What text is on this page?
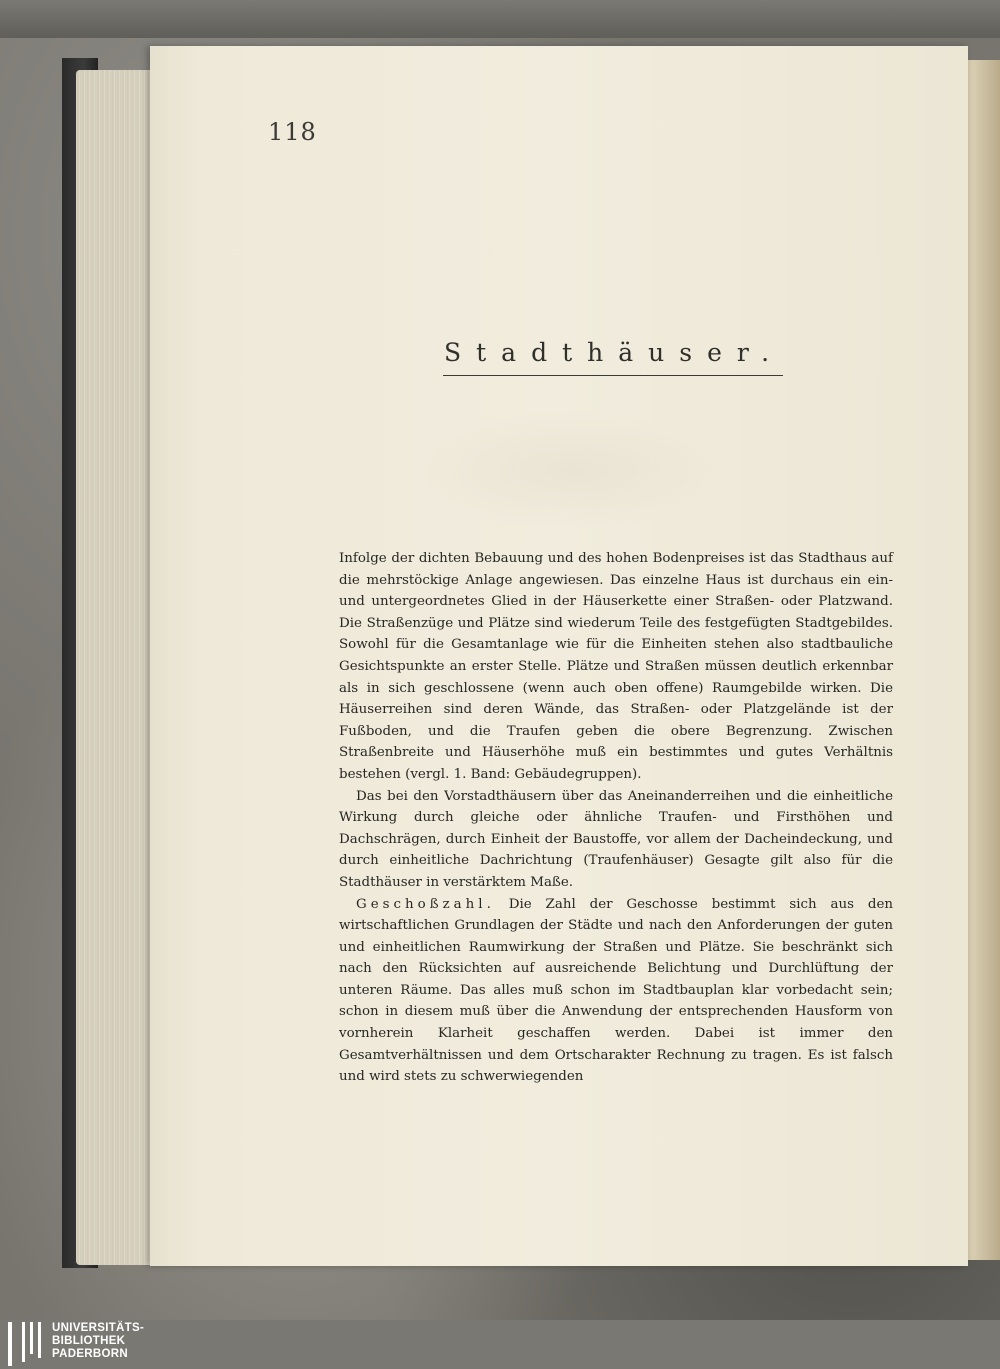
118
Stadthäuser.

Infolge der dichten Bebauung und des hohen Bodenpreises ist das Stadthaus auf die mehrstöckige Anlage angewiesen. Das einzelne Haus ist durchaus ein ein- und untergeordnetes Glied in der Häuserkette einer Straßen- oder Platzwand. Die Straßenzüge und Plätze sind wiederum Teile des festgefügten Stadtgebildes. Sowohl für die Gesamtanlage wie für die Einheiten stehen also stadtbauliche Gesichtspunkte an erster Stelle. Plätze und Straßen müssen deutlich erkennbar als in sich geschlossene (wenn auch oben offene) Raumgebilde wirken. Die Häuserreihen sind deren Wände, das Straßen- oder Platzgelände ist der Fußboden, und die Traufen geben die obere Begrenzung. Zwischen Straßenbreite und Häuserhöhe muß ein bestimmtes und gutes Verhältnis bestehen (vergl. 1. Band: Gebäudegruppen).

Das bei den Vorstadthäusern über das Aneinanderreihen und die einheitliche Wirkung durch gleiche oder ähnliche Traufen- und Firsthöhen und Dachschrägen, durch Einheit der Baustoffe, vor allem der Dacheindeckung, und durch einheitliche Dachrichtung (Traufenhäuser) Gesagte gilt also für die Stadthäuser in verstärktem Maße.

Geschoßzahl. Die Zahl der Geschosse bestimmt sich aus den wirtschaftlichen Grundlagen der Städte und nach den Anforderungen der guten und einheitlichen Raumwirkung der Straßen und Plätze. Sie beschränkt sich nach den Rücksichten auf ausreichende Belichtung und Durchlüftung der unteren Räume. Das alles muß schon im Stadtbauplan klar vorbedacht sein; schon in diesem muß über die Anwendung der entsprechenden Hausform von vornherein Klarheit geschaffen werden. Dabei ist immer den Gesamtverhältnissen und dem Ortscharakter Rechnung zu tragen. Es ist falsch und wird stets zu schwerwiegenden

UNIVERSITÄTS-
BIBLIOTHEK
PADERBORN
